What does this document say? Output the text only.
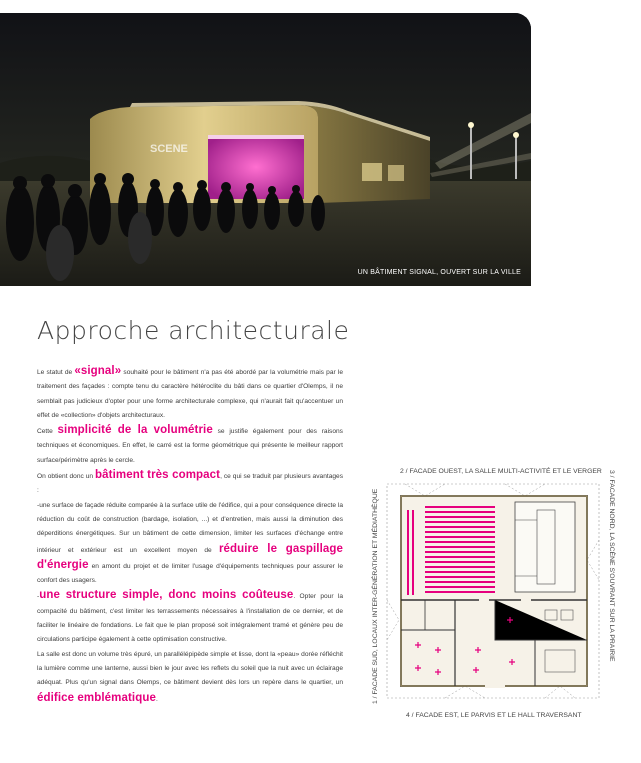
SCENE
UN BÂTIMENT SIGNAL, OUVERT SUR LA VILLE
Approche architecturale

Le statut de «signal» souhaité pour le bâtiment n'a pas été abordé par la volumétrie mais par le traitement des façades : compte tenu du caractère hétéroclite du bâti dans ce quartier d'Olemps, il ne semblait pas judicieux d'opter pour une forme architecturale complexe, qui n'aurait fait qu'accentuer un effet de «collection» d'objets architecturaux.

Cette simplicité de la volumétrie se justifie également pour des raisons techniques et économiques. En effet, le carré est la forme géométrique qui présente le meilleur rapport surface/périmètre après le cercle.

On obtient donc un bâtiment très compact, ce qui se traduit par plusieurs avantages :

-une surface de façade réduite comparée à la surface utile de l'édifice, qui a pour conséquence directe la réduction du coût de construction (bardage, isolation, ...) et d'entretien, mais aussi la diminution des déperditions énergétiques. Sur un bâtiment de cette dimension, limiter les surfaces d'échange entre intérieur et extérieur est un excellent moyen de réduire le gaspillage d'énergie en amont du projet et de limiter l'usage d'équipements techniques pour assurer le confort des usagers.

-une structure simple, donc moins coûteuse. Opter pour la compacité du bâtiment, c'est limiter les terrassements nécessaires à l'installation de ce dernier, et de faciliter le linéaire de fondations. Le fait que le plan proposé soit intégralement tramé et génère peu de circulations participe également à cette optimisation constructive.

La salle est donc un volume très épuré, un parallélépipède simple et lisse, dont la «peau» dorée réfléchit la lumière comme une lanterne, aussi bien le jour avec les reflets du soleil que la nuit avec un éclairage adéquat. Plus qu'un signal dans Olemps, ce bâtiment devient dès lors un repère dans le quartier, un édifice emblématique.

2 / FACADE OUEST, LA SALLE MULTI-ACTIVITÉ ET LE VERGER
4 / FACADE EST, LE PARVIS ET LE HALL TRAVERSANT
1 / FACADE SUD, LOCAUX INTER-GÉNÉRATION ET MÉDIATHÈQUE	3 / FACADE NORD, LA SCÈNE S'OUVRANT SUR LA PRAIRIE
